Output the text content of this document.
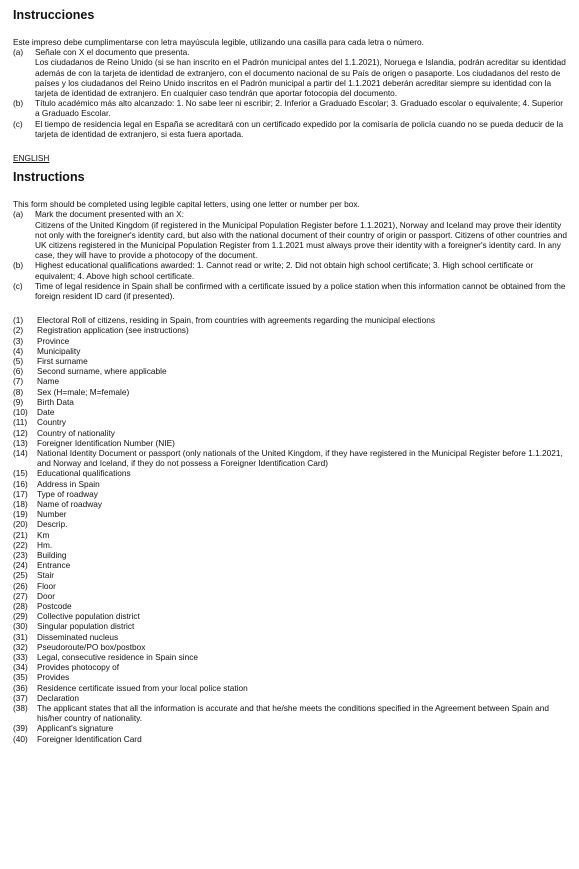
Instrucciones
Este impreso debe cumplimentarse con letra mayúscula legible, utilizando una casilla para cada letra o número.
(a)	Señale con X el documento que presenta.
Los ciudadanos de Reino Unido (si se han inscrito en el Padrón municipal antes del 1.1.2021), Noruega e Islandia, podrán acreditar su identidad además de con la tarjeta de identidad de extranjero, con el documento nacional de su País de origen o pasaporte. Los ciudadanos del resto de países y los ciudadanos del Reino Unido inscritos en el Padrón municipal a partir del 1.1.2021 deberán acreditar siempre su identidad con la tarjeta de identidad de extranjero. En cualquier caso tendrán que aportar fotocopia del documento.
(b)	Título académico más alto alcanzado: 1. No sabe leer ni escribir; 2. Inferior a Graduado Escolar; 3. Graduado escolar o equivalente; 4. Superior a Graduado Escolar.
(c)	El tiempo de residencia legal en España se acreditará con un certificado expedido por la comisaría de policía cuando no se pueda deducir de la tarjeta de identidad de extranjero, si esta fuera aportada.
ENGLISH
Instructions
This form should be completed using legible capital letters, using one letter or number per box.
(a)	Mark the document presented with an X:
Citizens of the United Kingdom (if registered in the Municipal Population Register before 1.1.2021), Norway and Iceland may prove their identity not only with the foreigner's identity card, but also with the national document of their country of origin or passport. Citizens of other countries and UK citizens registered in the Municipal Population Register from 1.1.2021 must always prove their identity with a foreigner's identity card. In any case, they will have to provide a photocopy of the document.
(b)	Highest educational qualifications awarded: 1. Cannot read or write; 2. Did not obtain high school certificate; 3. High school certificate or equivalent; 4. Above high school certificate.
(c)	Time of legal residence in Spain shall be confirmed with a certificate issued by a police station when this information cannot be obtained from the foreign resident ID card (if presented).
(1)	Electoral Roll of citizens, residing in Spain, from countries with agreements regarding the municipal elections
(2)	Registration application (see instructions)
(3)	Province
(4)	Municipality
(5)	First surname
(6)	Second surname, where applicable
(7)	Name
(8)	Sex (H=male; M=female)
(9)	Birth Data
(10)	Date
(11)	Country
(12)	Country of nationality
(13)	Foreigner Identification Number (NIE)
(14)	National Identity Document or passport (only nationals of the United Kingdom, if they have registered in the Municipal Register before 1.1.2021, and Norway and Iceland, if they do not possess a Foreigner Identification Card)
(15)	Educational qualifications
(16)	Address in Spain
(17)	Type of roadway
(18)	Name of roadway
(19)	Number
(20)	Descrip.
(21)	Km
(22)	Hm.
(23)	Building
(24)	Entrance
(25)	Stair
(26)	Floor
(27)	Door
(28)	Postcode
(29)	Collective population district
(30)	Singular population district
(31)	Disseminated nucleus
(32)	Pseudoroute/PO box/postbox
(33)	Legal, consecutive residence in Spain since
(34)	Provides photocopy of
(35)	Provides
(36)	Residence certificate issued from your local police station
(37)	Declaration
(38)	The applicant states that all the information is accurate and that he/she meets the conditions specified in the Agreement between Spain and his/her country of nationality.
(39)	Applicant's signature
(40)	Foreigner Identification Card
